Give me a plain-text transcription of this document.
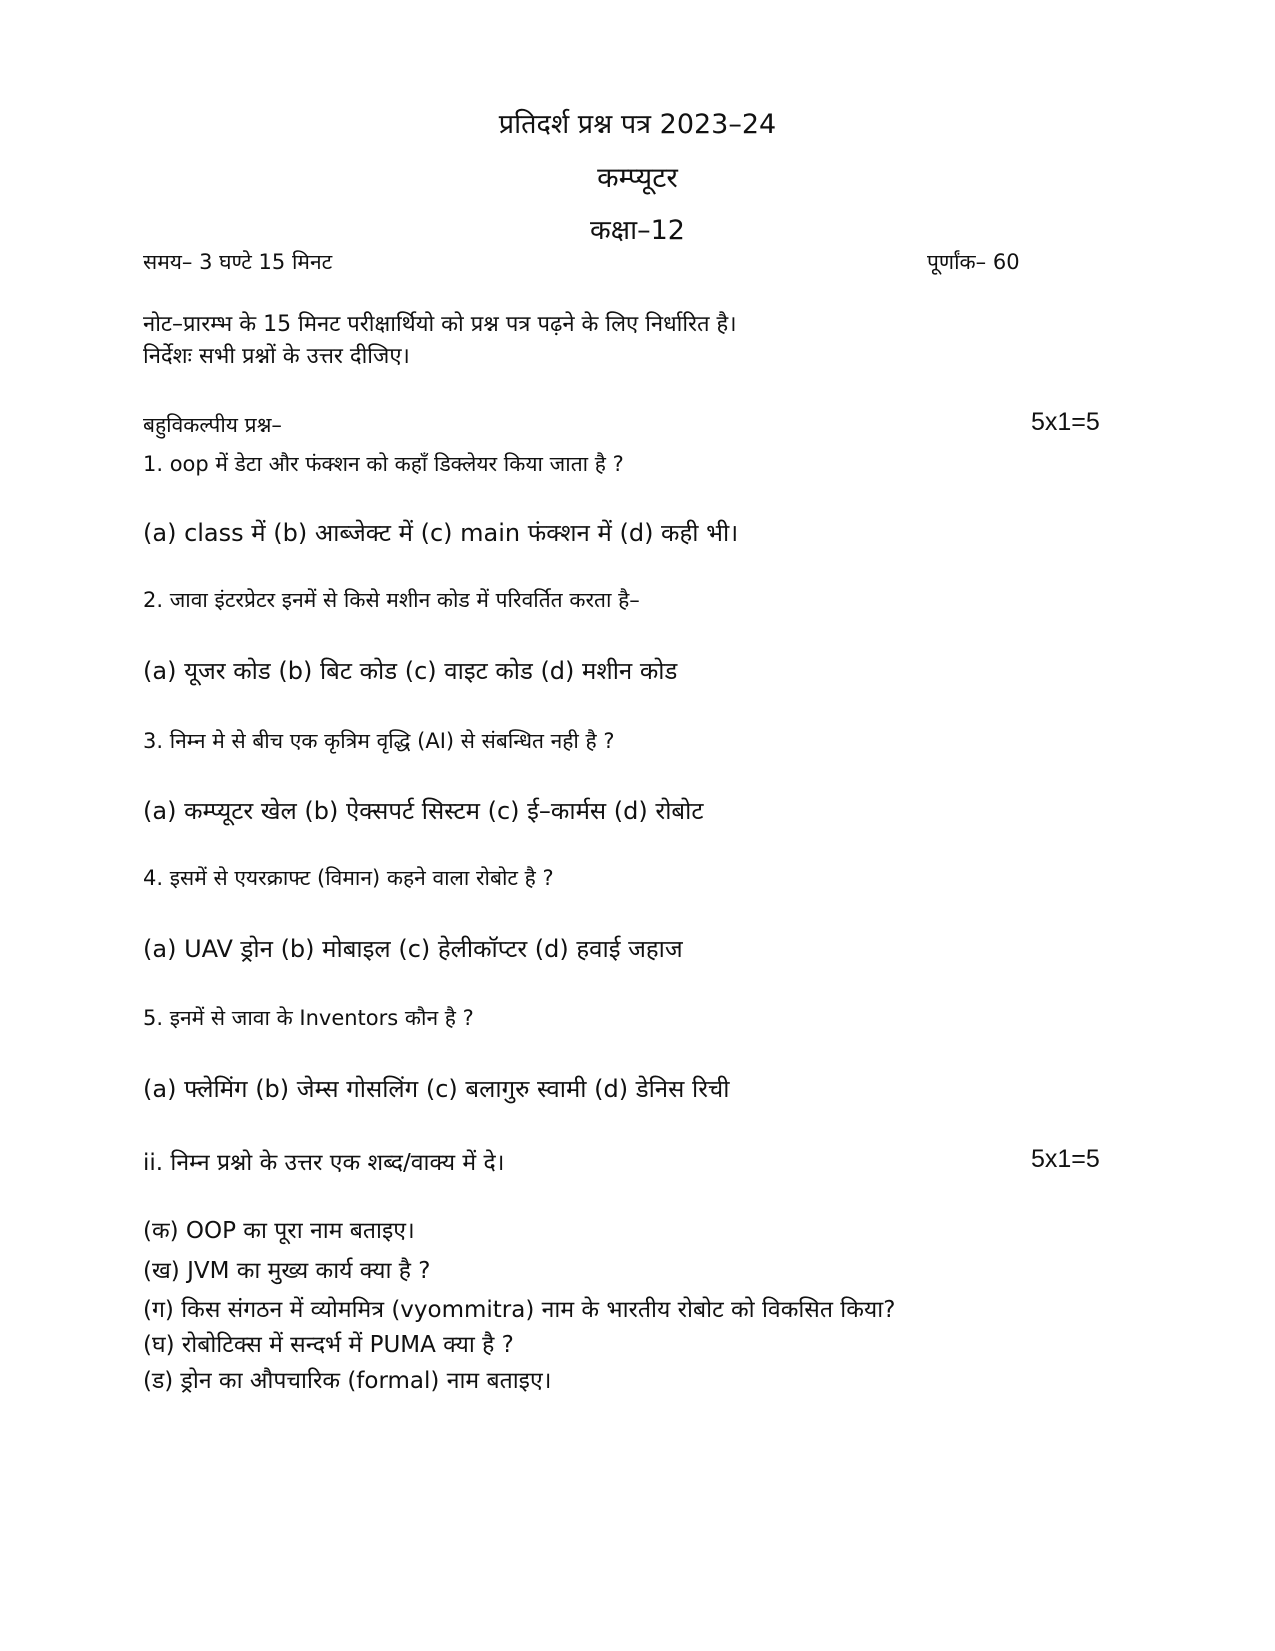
प्रतिदर्श प्रश्न पत्र 2023–24
कम्प्यूटर
कक्षा–12
समय– 3 घण्टे 15 मिनट	पूर्णांक– 60
नोट–प्रारम्भ के 15 मिनट परीक्षार्थियो को प्रश्न पत्र पढ़ने के लिए निर्धारित है।
निर्देशः सभी प्रश्नों के उत्तर दीजिए।
बहुविकल्पीय प्रश्न–	5x1=5
1. oop में डेटा और फंक्शन को कहाँ डिक्लेयर किया जाता है ?
(a) class में (b) आब्जेक्ट में (c) main फंक्शन में (d) कही भी।
2. जावा इंटरप्रेटर इनमें से किसे मशीन कोड में परिवर्तित करता है–
(a) यूजर कोड (b) बिट कोड (c) वाइट कोड (d) मशीन कोड
3. निम्न मे से बीच एक कृत्रिम वृद्धि (AI) से संबन्धित नही है ?
(a) कम्प्यूटर खेल (b) ऐक्सपर्ट सिस्टम (c) ई–कार्मस (d) रोबोट
4. इसमें से एयरक्राफ्ट (विमान) कहने वाला रोबोट है ?
(a) UAV ड्रोन (b) मोबाइल (c) हेलीकॉप्टर (d) हवाई जहाज
5. इनमें से जावा के Inventors कौन है ?
(a) फ्लेमिंग (b) जेम्स गोसलिंग (c) बलागुरु स्वामी (d) डेनिस रिची
ii. निम्न प्रश्नो के उत्तर एक शब्द/वाक्य में दे।	5x1=5
(क) OOP का पूरा नाम बताइए।
(ख) JVM का मुख्य कार्य क्या है ?
(ग) किस संगठन में व्योममित्र (vyommitra) नाम के भारतीय रोबोट को विकसित किया?
(घ) रोबोटिक्स में सन्दर्भ में PUMA क्या है ?
(ड) ड्रोन का औपचारिक (formal) नाम बताइए।
